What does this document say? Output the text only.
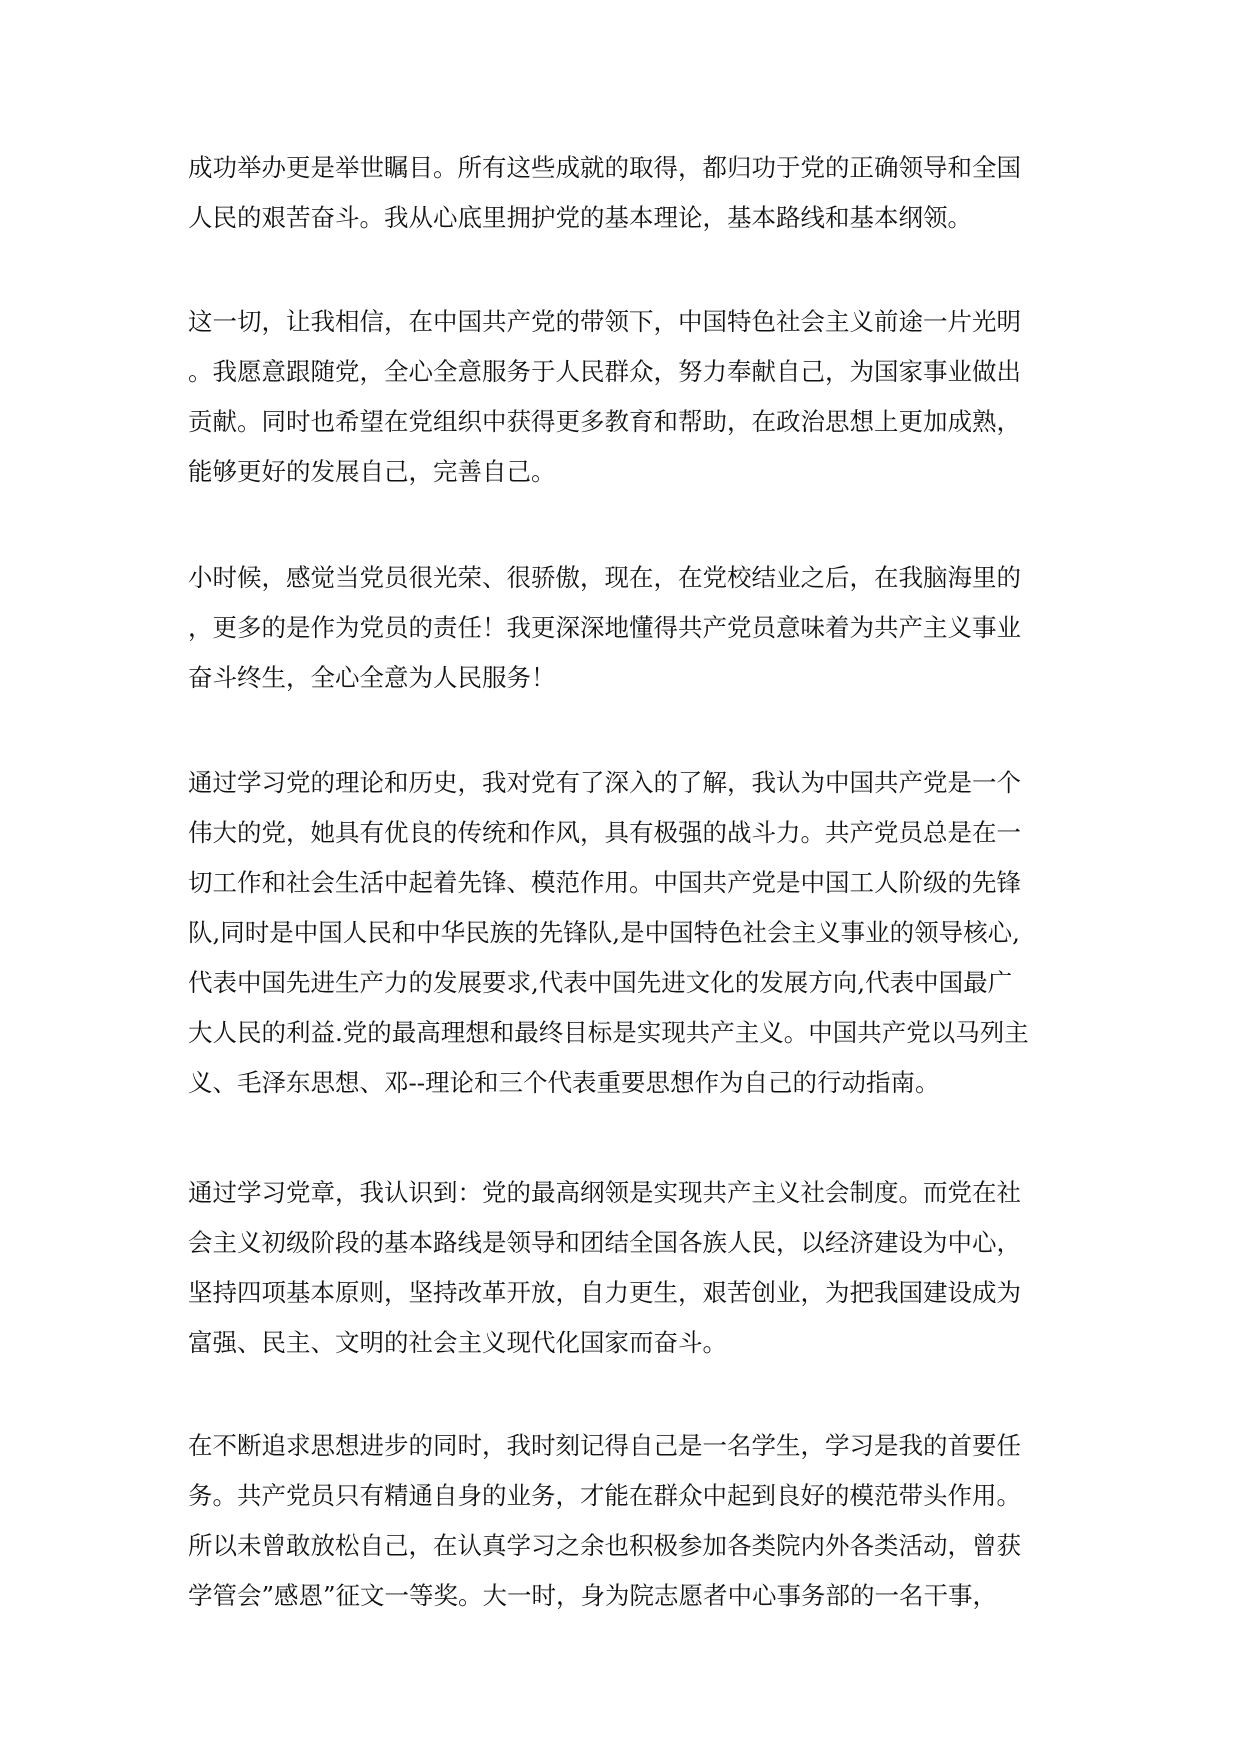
成功举办更是举世瞩目。所有这些成就的取得，都归功于党的正确领导和全国
人民的艰苦奋斗。我从心底里拥护党的基本理论，基本路线和基本纲领。

这一切，让我相信，在中国共产党的带领下，中国特色社会主义前途一片光明
。我愿意跟随党，全心全意服务于人民群众，努力奉献自己，为国家事业做出
贡献。同时也希望在党组织中获得更多教育和帮助，在政治思想上更加成熟，
能够更好的发展自己，完善自己。

小时候，感觉当党员很光荣、很骄傲，现在，在党校结业之后，在我脑海里的
，更多的是作为党员的责任！我更深深地懂得共产党员意味着为共产主义事业
奋斗终生，全心全意为人民服务！

通过学习党的理论和历史，我对党有了深入的了解，我认为中国共产党是一个
伟大的党，她具有优良的传统和作风，具有极强的战斗力。共产党员总是在一
切工作和社会生活中起着先锋、模范作用。中国共产党是中国工人阶级的先锋
队,同时是中国人民和中华民族的先锋队,是中国特色社会主义事业的领导核心,
代表中国先进生产力的发展要求,代表中国先进文化的发展方向,代表中国最广
大人民的利益.党的最高理想和最终目标是实现共产主义。中国共产党以马列主
义、毛泽东思想、邓--理论和三个代表重要思想作为自己的行动指南。

通过学习党章，我认识到：党的最高纲领是实现共产主义社会制度。而党在社
会主义初级阶段的基本路线是领导和团结全国各族人民，以经济建设为中心，
坚持四项基本原则，坚持改革开放，自力更生，艰苦创业，为把我国建设成为
富强、民主、文明的社会主义现代化国家而奋斗。

在不断追求思想进步的同时，我时刻记得自己是一名学生，学习是我的首要任
务。共产党员只有精通自身的业务，才能在群众中起到良好的模范带头作用。
所以未曾敢放松自己，在认真学习之余也积极参加各类院内外各类活动，曾获
学管会”感恩”征文一等奖。大一时，身为院志愿者中心事务部的一名干事，
